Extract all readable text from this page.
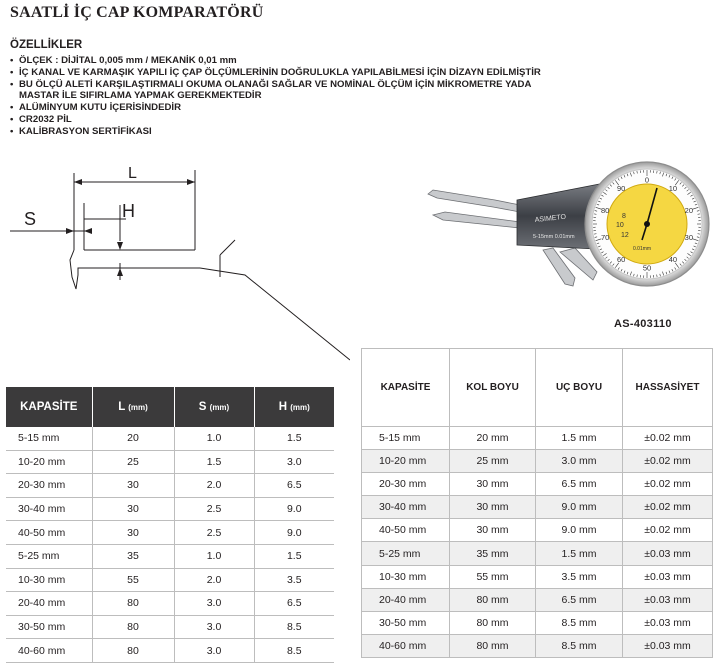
SAATLİ İÇ CAP KOMPARATÖRÜ
ÖZELLİKLER
• ÖLÇEK : DİJİTAL 0,005 mm / MEKANİK 0,01 mm
• İÇ KANAL VE KARMAŞIK YAPILI İÇ ÇAP ÖLÇÜMLERİNİN DOĞRULUKLA YAPILABİLMESİ İÇİN DİZAYN EDİLMİŞTİR
• BU ÖLÇÜ ALETİ KARŞILAŞTIRMALI OKUMA OLANAĞI SAĞLAR VE NOMİNAL ÖLÇÜM İÇİN MİKROMETRE YADA MASTAR İLE SIFIRLAMA YAPMAK GEREKMEKTEDİR
• ALÜMİNYUM KUTU İÇERİSİNDEDİR
• CR2032 PİL
• KALİBRASYON SERTİFİKASI
L
S	H	ASIMETO
5-15mm 0.01mm
0
10
20
30
40
50
60
70
80
90
8
10
12
0.01mm
AS-403110
KAPASİTE	L (mm)	S (mm)	H (mm)
5-15 mm	20	1.0	1.5
10-20 mm	25	1.5	3.0
20-30 mm	30	2.0	6.5
30-40 mm	30	2.5	9.0
40-50 mm	30	2.5	9.0
5-25 mm	35	1.0	1.5
10-30 mm	55	2.0	3.5
20-40 mm	80	3.0	6.5
30-50 mm	80	3.0	8.5
40-60 mm	80	3.0	8.5
KAPASİTE	KOL BOYU	UÇ BOYU	HASSASİYET
5-15 mm	20 mm	1.5 mm	±0.02 mm
10-20 mm	25 mm	3.0 mm	±0.02 mm
20-30 mm	30 mm	6.5 mm	±0.02 mm
30-40 mm	30 mm	9.0 mm	±0.02 mm
40-50 mm	30 mm	9.0 mm	±0.02 mm
5-25 mm	35 mm	1.5 mm	±0.03 mm
10-30 mm	55 mm	3.5 mm	±0.03 mm
20-40 mm	80 mm	6.5 mm	±0.03 mm
30-50 mm	80 mm	8.5 mm	±0.03 mm
40-60 mm	80 mm	8.5 mm	±0.03 mm
